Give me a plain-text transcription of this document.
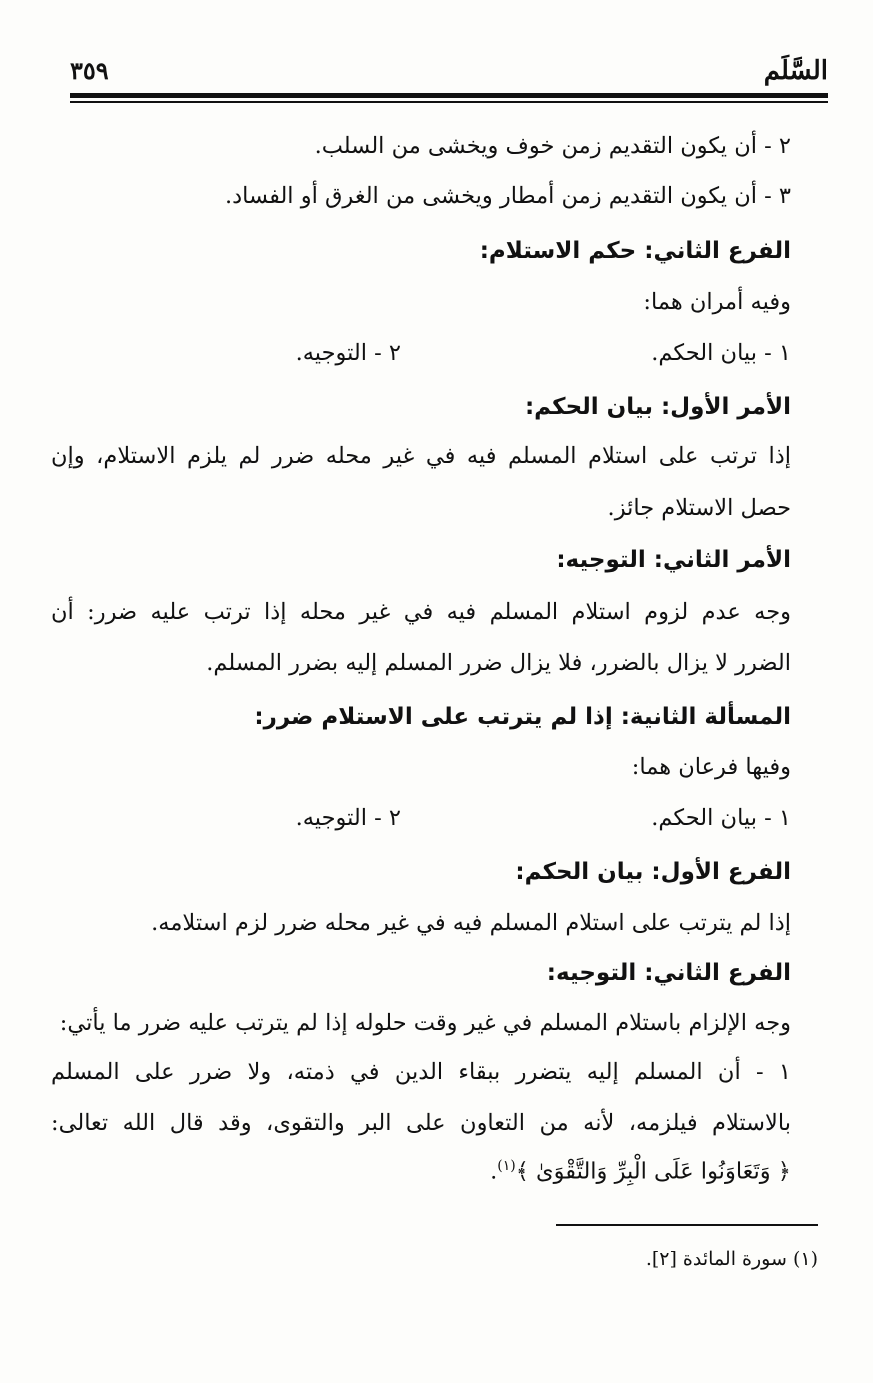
السَّلَم
٣٥٩
٢ - أن يكون التقديم زمن خوف ويخشى من السلب.
٣ - أن يكون التقديم زمن أمطار ويخشى من الغرق أو الفساد.
الفرع الثاني: حكم الاستلام:
وفيه أمران هما:
١ - بيان الحكم.
٢ - التوجيه.
الأمر الأول: بيان الحكم:
إذا ترتب على استلام المسلم فيه في غير محله ضرر لم يلزم الاستلام، وإن
حصل الاستلام جائز.
الأمر الثاني: التوجيه:
وجه عدم لزوم استلام المسلم فيه في غير محله إذا ترتب عليه ضرر: أن
الضرر لا يزال بالضرر، فلا يزال ضرر المسلم إليه بضرر المسلم.
المسألة الثانية: إذا لم يترتب على الاستلام ضرر:
وفيها فرعان هما:
١ - بيان الحكم.
٢ - التوجيه.
الفرع الأول: بيان الحكم:
إذا لم يترتب على استلام المسلم فيه في غير محله ضرر لزم استلامه.
الفرع الثاني: التوجيه:
وجه الإلزام باستلام المسلم في غير وقت حلوله إذا لم يترتب عليه ضرر ما يأتي:
١ - أن المسلم إليه يتضرر ببقاء الدين في ذمته، ولا ضرر على المسلم
بالاستلام فيلزمه، لأنه من التعاون على البر والتقوى، وقد قال الله تعالى:
﴿ وَتَعَاوَنُوا عَلَى الْبِرِّ وَالتَّقْوَىٰ ﴾$^{(١)}$.
(١) سورة المائدة [٢].
